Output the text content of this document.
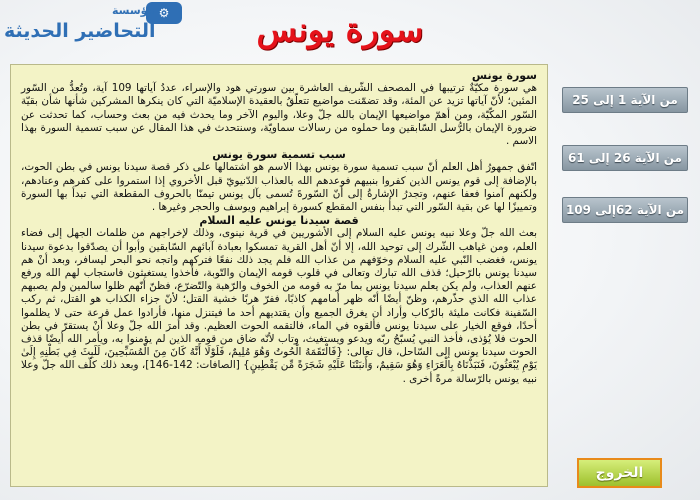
⚙
مؤسسة
التحاضير الحديثة	سورة يونس

سورة يونس

هي سورة مكيّةٌ ترتيبها في المصحف الشّريف العاشرة بين سورتي هود والإسراء، عددُ آياتها 109 آية، وتُعدُّ من السّور المئين؛ لأنّ آياتها تزيد عن المئة، وقد تضمّنت مواضيع تتعلّقُ بالعقيدة الإسلاميّة التي كان ينكرها المشركين شأنها شأن بقيّة السّور المكّيّة، ومن أهمّ مواضيعها الإيمان بالله جلّ وعلا، واليوم الآخر وما يحدث فيه من بعث وحساب، كما تحدثت عن ضرورة الإيمان بالرُّسل السّابقين وما حملوه من رسالات سماويّة، وسنتحدث في هذا المقال عن سبب تسمية السورة بهذا الاسم .

سبب تسمية سورة يونس

اتّفق جمهورُ أهل العلم أنّ سبب تسمية سورة يونس بهذا الاسم هو اشتمالها على ذكر قصة سيدنا يونس في بطن الحوت، بالإضافة إلى قوم يونس الذين كفروا بنبيهم فوعدهم الله بالعذاب الدّنيويّ قبل الأخروي إذا استمروا على كفرهم وعنادهم، ولكنهم آمنوا فعفا عنهم، وتجدرُ الإشارةُ إلى أنّ السّورةَ تُسمى بآل يونس تيمنّا بالحروف المقطعة التي تبدأ بها السورة وتمييزًا لها عن بقية السّور التي تبدأ بنفس المقطع كسورة إبراهيم ويوسف والحجر وغيرها .

قصة سيدنا يونس عليه السلام

بعث الله جلّ وعلا نبيه يونس عليه السلام إلى الأشوريين في قرية نينوى، وذلك لإخراجهم من ظلمات الجهل إلى فضاء العلم، ومن غياهب الشّرك إلى توحيد الله، إلا أنّ أهل القرية تمسكوا بعبادة آبائهم السّابقين وأبوا أن يصدّقوا بدعوة سيدنا يونس، فغضب النّبي عليه السلام وخوّفهم من عذاب الله فلم يجد ذلك نفعًا فتركهم واتجه نحو البحر ليسافر، وبعد أنْ هم سيدنا يونس بالرّحيل؛ قذف الله تبارك وتعالى في قلوب قومه الإيمان والتّوبة، فأخذوا يستغيثون فاستجاب لهم الله ورفع عنهم العذاب، ولم يكن يعلم سيدنا يونس بما مرّ به قومه من الخوف والرّهبة والتّضرّع، فظنّ أنّهم ظلوا سالمين ولم يصبهم عذاب الله الذي حذّرهم، وظنّ أيضًا أنّه ظهر أمامهم كاذبًا، ففرّ هربًا خشية القتل؛ لأنّ جزاء الكذاب هو القتل، ثم ركب السّفينة فكانت مليئة بالرّكاب وأراد أن يغرق الجميع وأن يقتديهم أحد ما فيتنزل منها، فأرادوا عمل قرعة حتى لا يظلموا أحدًا، فوقع الخيار على سيدنا يونس فألقوه في الماء، فالتقمه الحوت العظيم. وقد أمرَ الله جلّ وعلا أنْ يستقرّ في بطن الحوت فلا يُؤذى، فأخذ النبي يُسبّحُ ربّه ويدعو ويستغيث، وتاب لأنّه ضاق من قومه الذين لم يؤمنوا به، ويأمر الله أيضًا قذف الحوت سيدنا يونس إلى السّاحل، قال تعالى: {فَالْتَقَمَهُ الْحُوتُ وَهُوَ مُلِيمٌ، فَلَوْلَا أَنَّهُ كَانَ مِنَ الْمُسَبِّحِينَ، لَلَبِثَ فِي بَطْنِهِ إِلَىٰ يَوْمِ يُبْعَثُونَ، فَنَبَذْنَاهُ بِالْعَرَاءِ وَهُوَ سَقِيمٌ، وَأَنبَتْنَا عَلَيْهِ شَجَرَةً مِّن يَقْطِينٍ} [الصافات: 142-146]، وبعد ذلك كلّف الله جلّ وعلا نبيه يونس بالرّسالة مرةً أخرى .

من الآية 1 إلى 25
من الآية 26 إلى 61
من الآية 62إلى 109
الخروج
